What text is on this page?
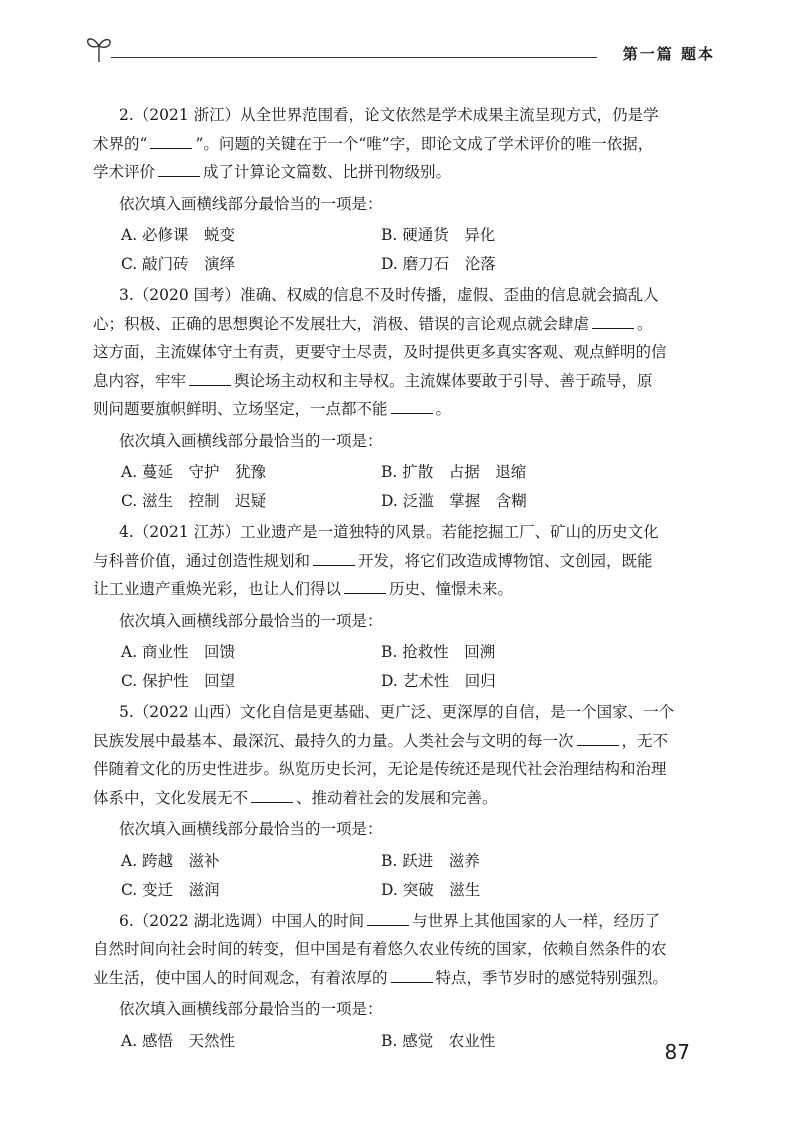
第一篇 题本

2.（2021 浙江）从全世界范围看，论文依然是学术成果主流呈现方式，仍是学

术界的“	”。问题的关键在于一个“唯”字，即论文成了学术评价的唯一依据，

学术评价	成了计算论文篇数、比拼刊物级别。

依次填入画横线部分最恰当的一项是：
A. 必修课　蜕变	B. 硬通货　异化
C. 敲门砖　演绎	D. 磨刀石　沦落

3.（2020 国考）准确、权威的信息不及时传播，虚假、歪曲的信息就会搞乱人

心；积极、正确的思想舆论不发展壮大，消极、错误的言论观点就会肆虐	。

这方面，主流媒体守土有责，更要守土尽责，及时提供更多真实客观、观点鲜明的信

息内容，牢牢	舆论场主动权和主导权。主流媒体要敢于引导、善于疏导，原

则问题要旗帜鲜明、立场坚定，一点都不能	。

依次填入画横线部分最恰当的一项是：
A. 蔓延　守护　犹豫	B. 扩散　占据　退缩
C. 滋生　控制　迟疑	D. 泛滥　掌握　含糊

4.（2021 江苏）工业遗产是一道独特的风景。若能挖掘工厂、矿山的历史文化

与科普价值，通过创造性规划和	开发，将它们改造成博物馆、文创园，既能

让工业遗产重焕光彩，也让人们得以	历史、憧憬未来。

依次填入画横线部分最恰当的一项是：
A. 商业性　回馈	B. 抢救性　回溯
C. 保护性　回望	D. 艺术性　回归

5.（2022 山西）文化自信是更基础、更广泛、更深厚的自信，是一个国家、一个

民族发展中最基本、最深沉、最持久的力量。人类社会与文明的每一次	，无不

伴随着文化的历史性进步。纵览历史长河，无论是传统还是现代社会治理结构和治理

体系中，文化发展无不	、推动着社会的发展和完善。

依次填入画横线部分最恰当的一项是：
A. 跨越　滋补	B. 跃进　滋养
C. 变迁　滋润	D. 突破　滋生

6.（2022 湖北选调）中国人的时间	与世界上其他国家的人一样，经历了

自然时间向社会时间的转变，但中国是有着悠久农业传统的国家，依赖自然条件的农

业生活，使中国人的时间观念，有着浓厚的	特点，季节岁时的感觉特别强烈。

依次填入画横线部分最恰当的一项是：
A. 感悟　天然性	B. 感觉　农业性	87
